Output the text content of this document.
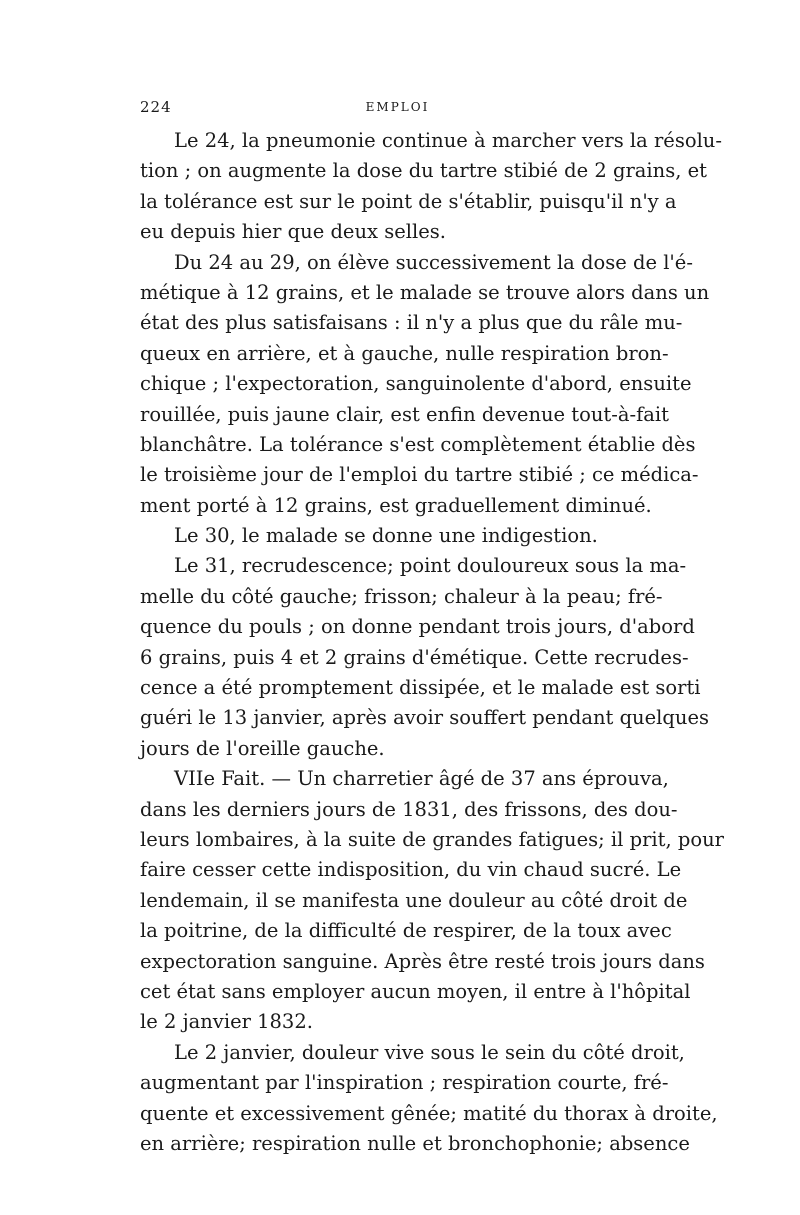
224	EMPLOI
Le 24, la pneumonie continue à marcher vers la résolu-
tion ; on augmente la dose du tartre stibié de 2 grains, et
la tolérance est sur le point de s'établir, puisqu'il n'y a
eu depuis hier que deux selles.
Du 24 au 29, on élève successivement la dose de l'é-
métique à 12 grains, et le malade se trouve alors dans un
état des plus satisfaisans : il n'y a plus que du râle mu-
queux en arrière, et à gauche, nulle respiration bron-
chique ; l'expectoration, sanguinolente d'abord, ensuite
rouillée, puis jaune clair, est enfin devenue tout-à-fait
blanchâtre. La tolérance s'est complètement établie dès
le troisième jour de l'emploi du tartre stibié ; ce médica-
ment porté à 12 grains, est graduellement diminué.
Le 30, le malade se donne une indigestion.
Le 31, recrudescence; point douloureux sous la ma-
melle du côté gauche; frisson; chaleur à la peau; fré-
quence du pouls ; on donne pendant trois jours, d'abord
6 grains, puis 4 et 2 grains d'émétique. Cette recrudes-
cence a été promptement dissipée, et le malade est sorti
guéri le 13 janvier, après avoir souffert pendant quelques
jours de l'oreille gauche.
VIIe Fait. — Un charretier âgé de 37 ans éprouva,
dans les derniers jours de 1831, des frissons, des dou-
leurs lombaires, à la suite de grandes fatigues; il prit, pour
faire cesser cette indisposition, du vin chaud sucré. Le
lendemain, il se manifesta une douleur au côté droit de
la poitrine, de la difficulté de respirer, de la toux avec
expectoration sanguine. Après être resté trois jours dans
cet état sans employer aucun moyen, il entre à l'hôpital
le 2 janvier 1832.
Le 2 janvier, douleur vive sous le sein du côté droit,
augmentant par l'inspiration ; respiration courte, fré-
quente et excessivement gênée; matité du thorax à droite,
en arrière; respiration nulle et bronchophonie; absence
